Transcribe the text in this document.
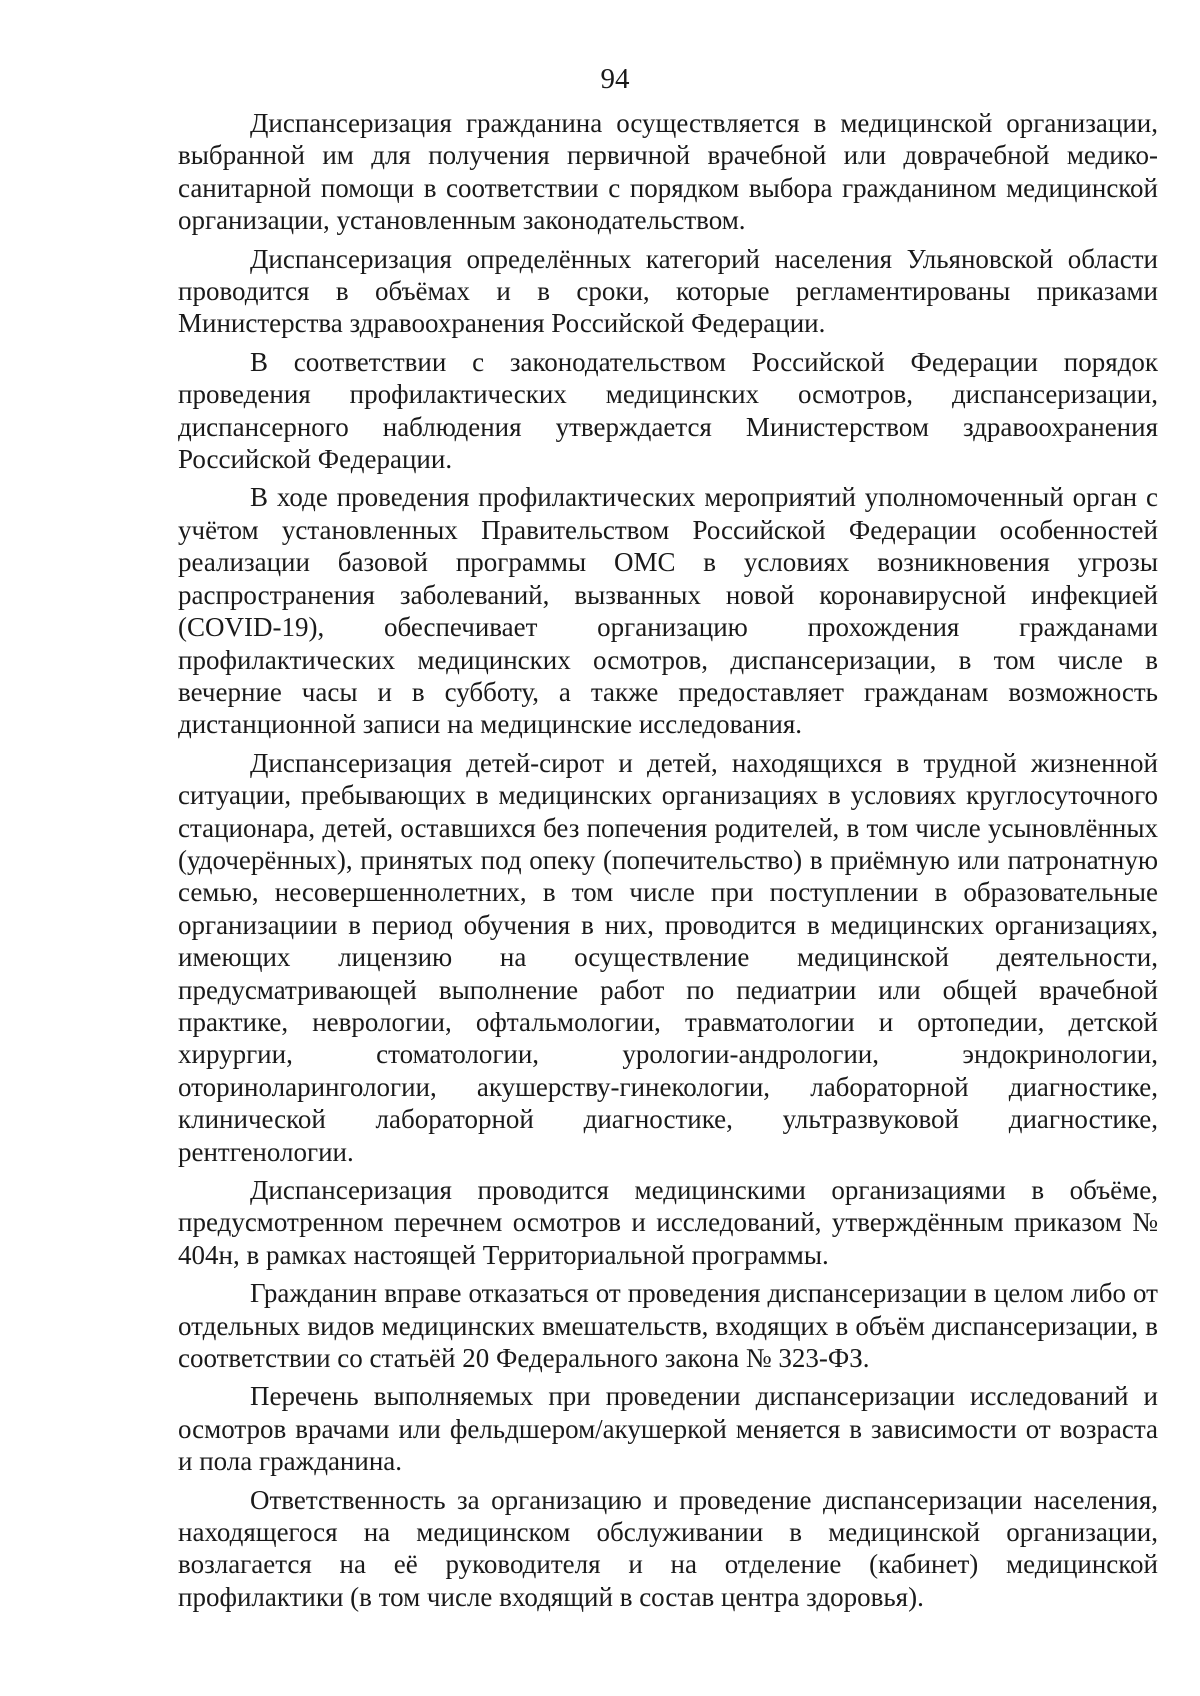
94

Диспансеризация гражданина осуществляется в медицинской организации, выбранной им для получения первичной врачебной или доврачебной медико-санитарной помощи в соответствии с порядком выбора гражданином медицинской организации, установленным законодательством.

Диспансеризация определённых категорий населения Ульяновской области проводится в объёмах и в сроки, которые регламентированы приказами Министерства здравоохранения Российской Федерации.

В соответствии с законодательством Российской Федерации порядок проведения профилактических медицинских осмотров, диспансеризации, диспансерного наблюдения утверждается Министерством здравоохранения Российской Федерации.

В ходе проведения профилактических мероприятий уполномоченный орган с учётом установленных Правительством Российской Федерации особенностей реализации базовой программы ОМС в условиях возникновения угрозы распространения заболеваний, вызванных новой коронавирусной инфекцией (COVID-19), обеспечивает организацию прохождения гражданами профилактических медицинских осмотров, диспансеризации, в том числе в вечерние часы и в субботу, а также предоставляет гражданам возможность дистанционной записи на медицинские исследования.

Диспансеризация детей-сирот и детей, находящихся в трудной жизненной ситуации, пребывающих в медицинских организациях в условиях круглосуточного стационара, детей, оставшихся без попечения родителей, в том числе усыновлённых (удочерённых), принятых под опеку (попечительство) в приёмную или патронатную семью, несовершеннолетних, в том числе при поступлении в образовательные организациии в период обучения в них, проводится в медицинских организациях, имеющих лицензию на осуществление медицинской деятельности, предусматривающей выполнение работ по педиатрии или общей врачебной практике, неврологии, офтальмологии, травматологии и ортопедии, детской хирургии, стоматологии, урологии-андрологии, эндокринологии, оториноларингологии, акушерству-гинекологии, лабораторной диагностике, клинической лабораторной диагностике, ультразвуковой диагностике, рентгенологии.

Диспансеризация проводится медицинскими организациями в объёме, предусмотренном перечнем осмотров и исследований, утверждённым приказом № 404н, в рамках настоящей Территориальной программы.

Гражданин вправе отказаться от проведения диспансеризации в целом либо от отдельных видов медицинских вмешательств, входящих в объём диспансеризации, в соответствии со статьёй 20 Федерального закона № 323-ФЗ.

Перечень выполняемых при проведении диспансеризации исследований и осмотров врачами или фельдшером/акушеркой меняется в зависимости от возраста и пола гражданина.

Ответственность за организацию и проведение диспансеризации населения, находящегося на медицинском обслуживании в медицинской организации, возлагается на её руководителя и на отделение (кабинет) медицинской профилактики (в том числе входящий в состав центра здоровья).
